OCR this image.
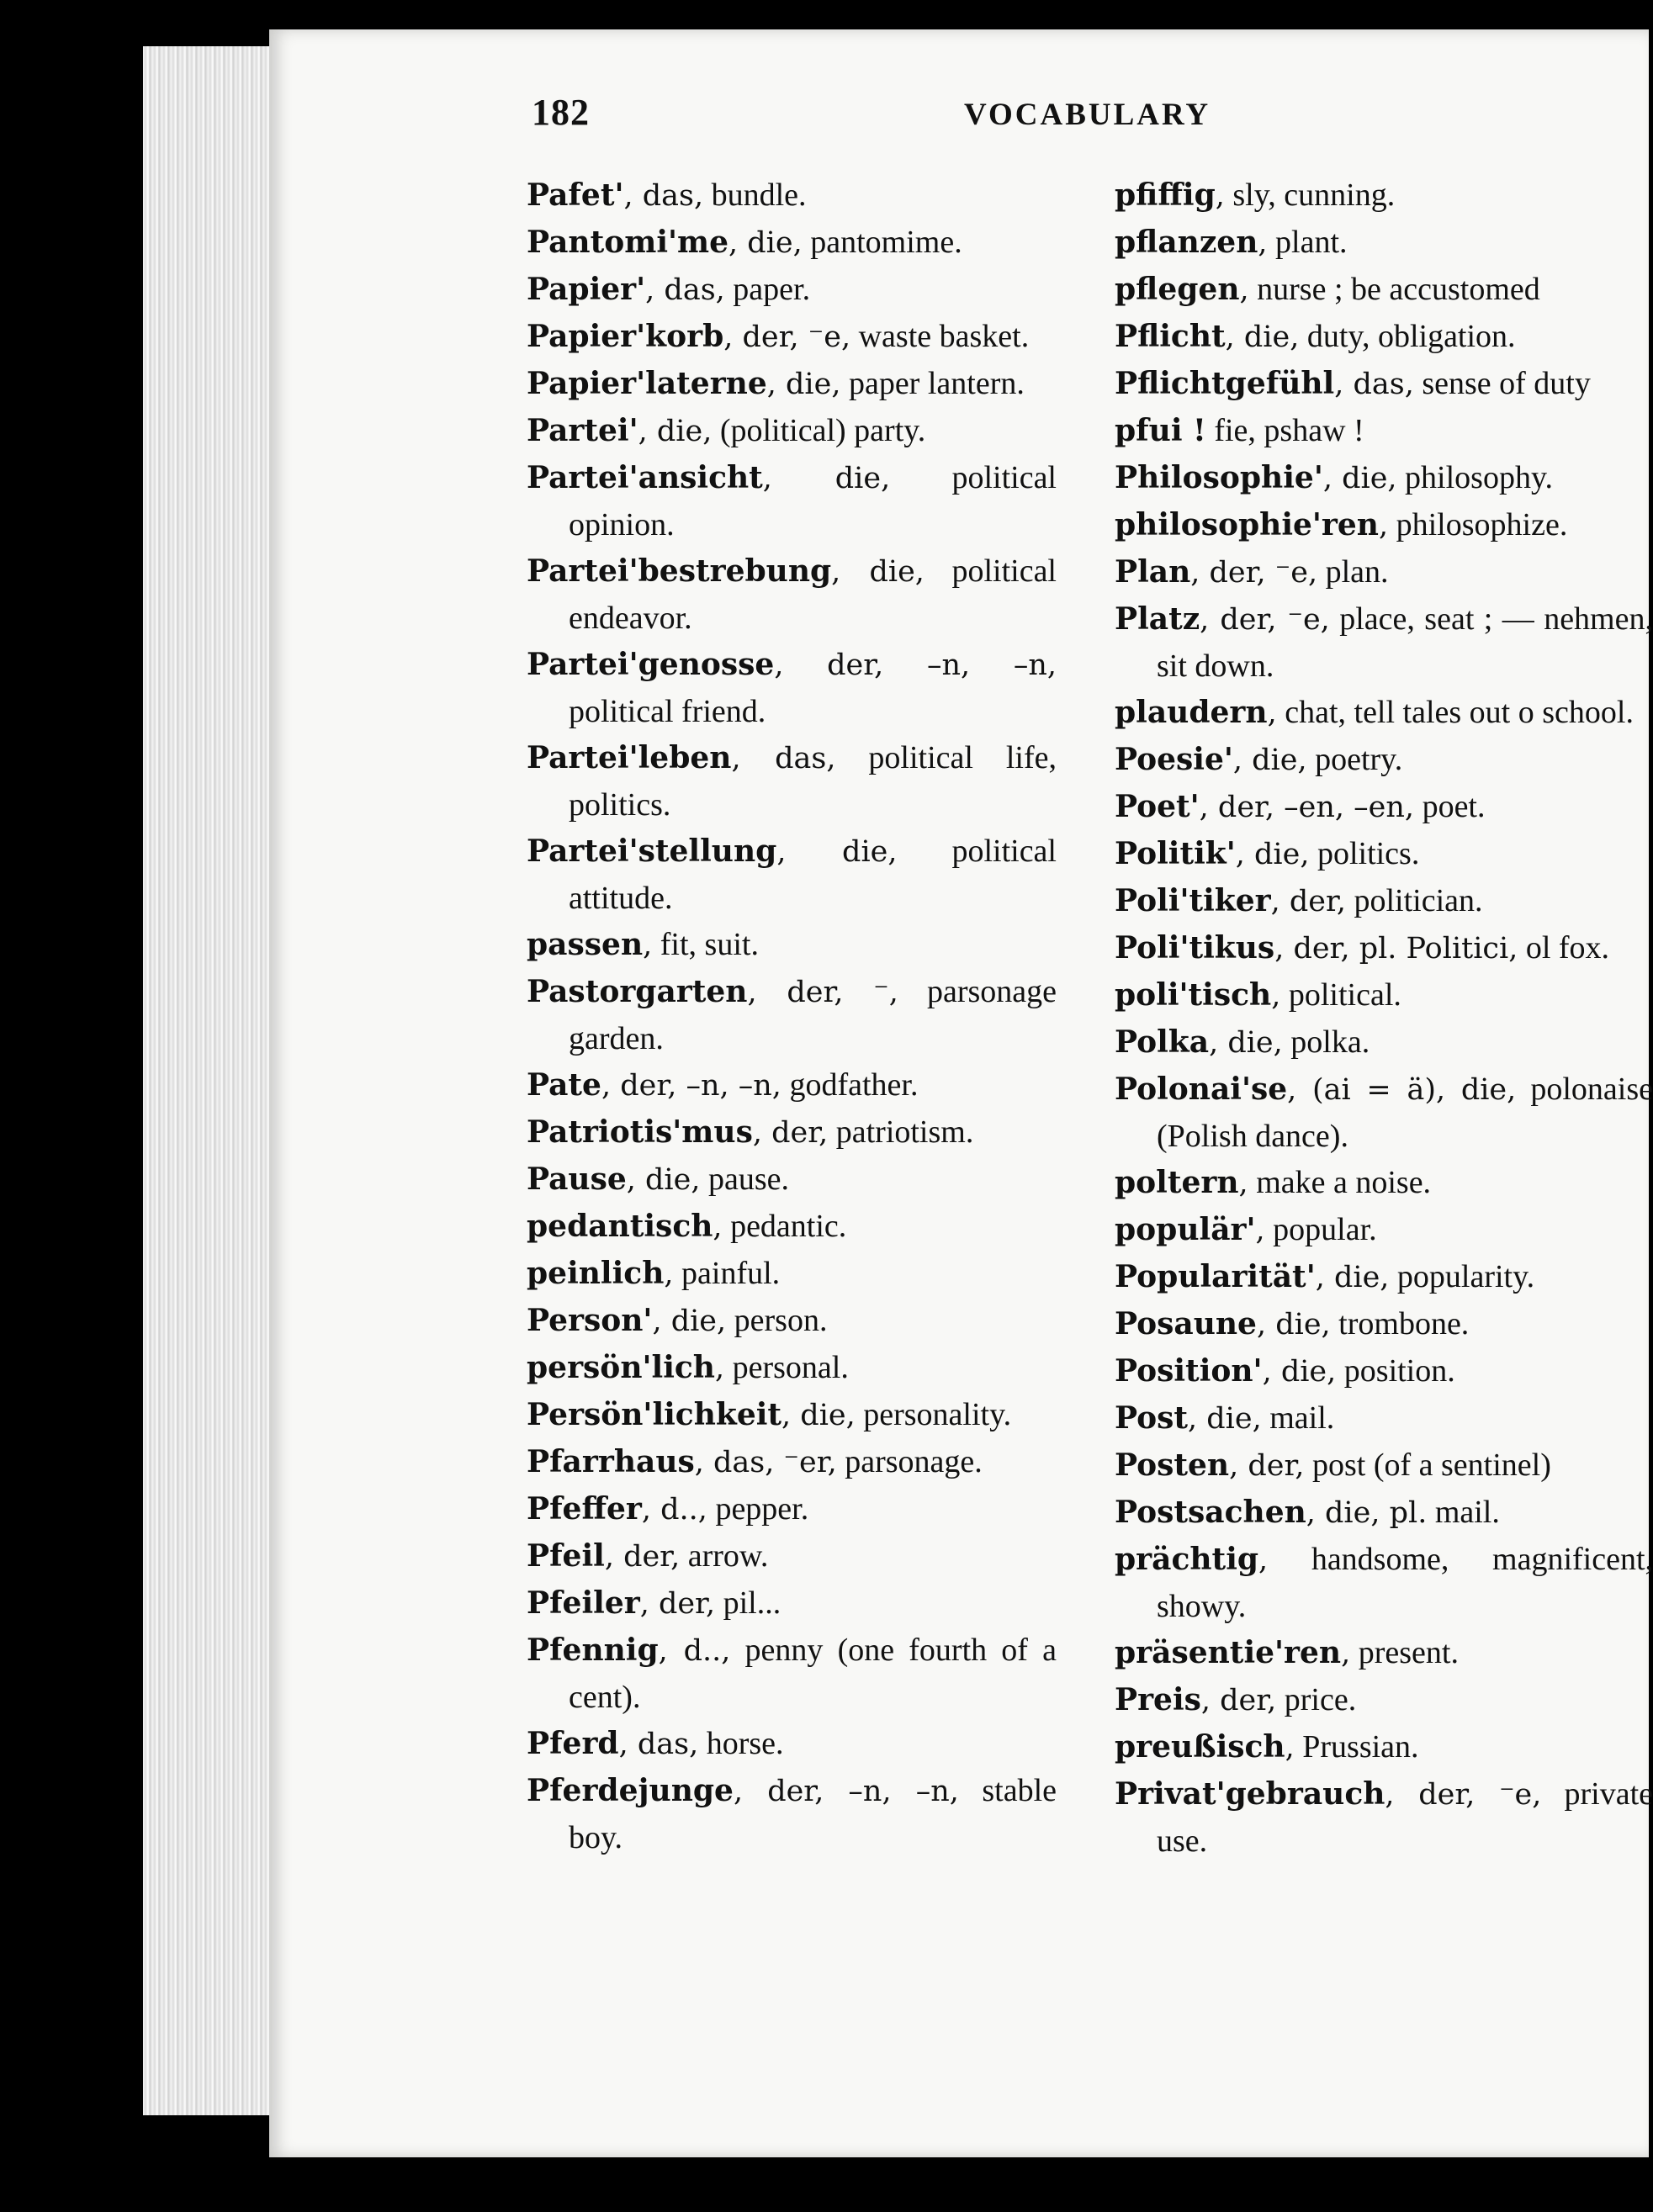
182	VOCABULARY

Pafet', das, bundle.

Pantomi'me, die, pantomime.

Papier', das, paper.

Papier'korb, der, ⁻e, waste basket.

Papier'laterne, die, paper lantern.

Partei', die, (political) party.

Partei'ansicht, die, political opinion.

Partei'bestrebung, die, political endeavor.

Partei'genosse, der, –n, –n, political friend.

Partei'leben, das, political life, politics.

Partei'stellung, die, political attitude.

passen, fit, suit.

Pastorgarten, der, ⁻, parsonage garden.

Pate, der, –n, –n, godfather.

Patriotis'mus, der, patriotism.

Pause, die, pause.

pedantisch, pedantic.

peinlich, painful.

Person', die, person.

persön'lich, personal.

Persön'lichkeit, die, personality.

Pfarrhaus, das, ⁻er, parsonage.

Pfeffer, d.., pepper.

Pfeil, der, arrow.

Pfeiler, der, pil...

Pfennig, d.., penny (one fourth of a cent).

Pferd, das, horse.

Pferdejunge, der, –n, –n, stable boy.

pfiffig, sly, cunning.

pflanzen, plant.

pflegen, nurse ; be accustomed

Pflicht, die, duty, obligation.

Pflichtgefühl, das, sense of duty

pfui ! fie, pshaw !

Philosophie', die, philosophy.

philosophie'ren, philosophize.

Plan, der, ⁻e, plan.

Platz, der, ⁻e, place, seat ; — nehmen, sit down.

plaudern, chat, tell tales out o school.

Poesie', die, poetry.

Poet', der, –en, –en, poet.

Politik', die, politics.

Poli'tiker, der, politician.

Poli'tikus, der, pl. Politici, ol fox.

poli'tisch, political.

Polka, die, polka.

Polonai'se, (ai = ä), die, polonaise (Polish dance).

poltern, make a noise.

populär', popular.

Popularität', die, popularity.

Posaune, die, trombone.

Position', die, position.

Post, die, mail.

Posten, der, post (of a sentinel)

Postsachen, die, pl. mail.

prächtig, handsome, magnificent, showy.

präsentie'ren, present.

Preis, der, price.

preußisch, Prussian.

Privat'gebrauch, der, ⁻e, private use.
